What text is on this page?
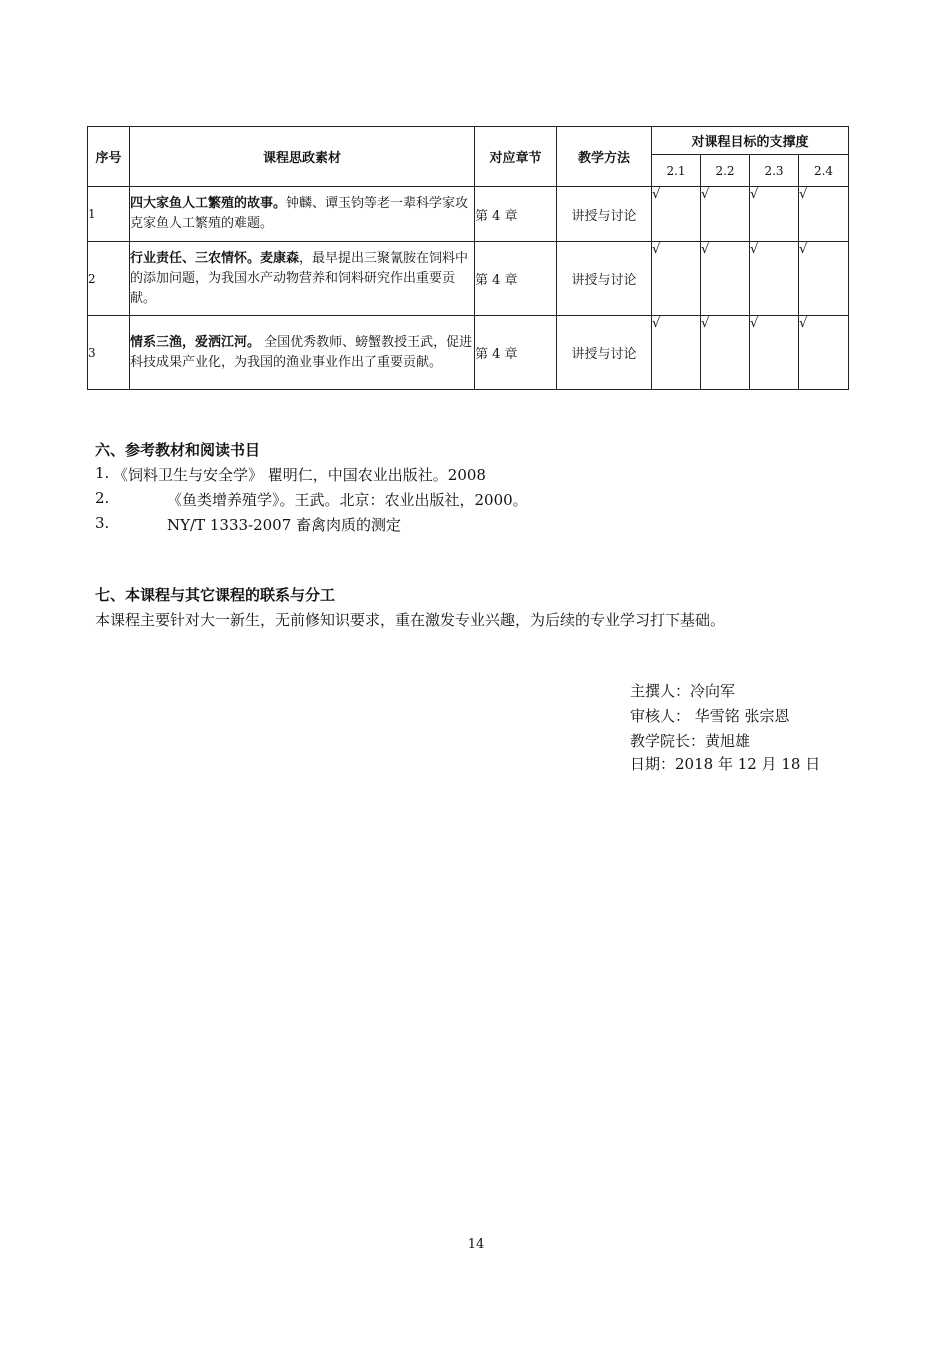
序号	课程思政素材	对应章节	教学方法	对课程目标的支撑度			
				2.1	2.2	2.3	2.4
1	四大家鱼人工繁殖的故事。钟麟、谭玉钧等老一辈科学家攻克家鱼人工繁殖的难题。	第 4 章	讲授与讨论	√	√	√	√
2	行业责任、三农情怀。麦康森，最早提出三聚氰胺在饲料中的添加问题，为我国水产动物营养和饲料研究作出重要贡献。	第 4 章	讲授与讨论	√	√	√	√
3	情系三渔，爱洒江河。 全国优秀教师、螃蟹教授王武，促进科技成果产业化，为我国的渔业事业作出了重要贡献。	第 4 章	讲授与讨论	√	√	√	√
六、参考教材和阅读书目
1. 《饲料卫生与安全学》 瞿明仁，中国农业出版社。2008
2.	《鱼类增养殖学》。王武。北京：农业出版社，2000。
3.	NY/T 1333-2007 畜禽肉质的测定
七、本课程与其它课程的联系与分工
本课程主要针对大一新生，无前修知识要求，重在激发专业兴趣，为后续的专业学习打下基础。
主撰人：冷向军
审核人： 华雪铭 张宗恩
教学院长：黄旭雄
日期：2018 年 12 月 18 日
14
